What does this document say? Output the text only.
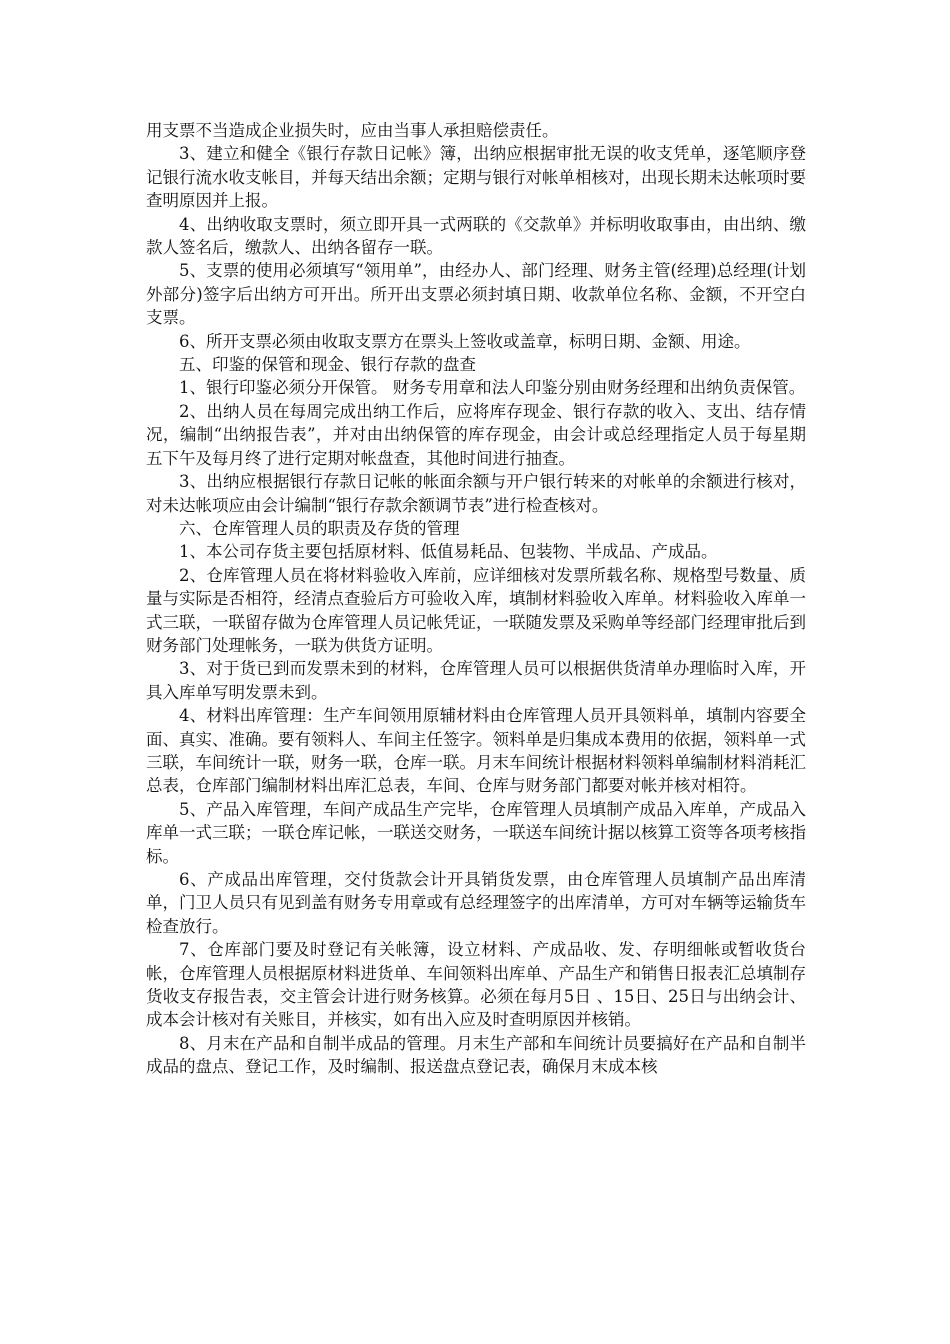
用支票不当造成企业损失时，应由当事人承担赔偿责任。

3、建立和健全《银行存款日记帐》簿，出纳应根据审批无误的收支凭单，逐笔顺序登记银行流水收支帐目，并每天结出余额；定期与银行对帐单相核对，出现长期未达帐项时要查明原因并上报。

4、出纳收取支票时，须立即开具一式两联的《交款单》并标明收取事由，由出纳、缴款人签名后，缴款人、出纳各留存一联。

5、支票的使用必须填写“领用单”，由经办人、部门经理、财务主管(经理)总经理(计划外部分)签字后出纳方可开出。所开出支票必须封填日期、收款单位名称、金额，不开空白支票。

6、所开支票必须由收取支票方在票头上签收或盖章，标明日期、金额、用途。

五、印鉴的保管和现金、银行存款的盘查

1、银行印鉴必须分开保管。 财务专用章和法人印鉴分别由财务经理和出纳负责保管。

2、出纳人员在每周完成出纳工作后，应将库存现金、银行存款的收入、支出、结存情况，编制“出纳报告表”，并对由出纳保管的库存现金，由会计或总经理指定人员于每星期五下午及每月终了进行定期对帐盘查，其他时间进行抽查。

3、出纳应根据银行存款日记帐的帐面余额与开户银行转来的对帐单的余额进行核对，对未达帐项应由会计编制“银行存款余额调节表”进行检查核对。

六、仓库管理人员的职责及存货的管理

1、本公司存货主要包括原材料、低值易耗品、包装物、半成品、产成品。

2、仓库管理人员在将材料验收入库前，应详细核对发票所载名称、规格型号数量、质量与实际是否相符，经清点查验后方可验收入库，填制材料验收入库单。材料验收入库单一式三联，一联留存做为仓库管理人员记帐凭证，一联随发票及采购单等经部门经理审批后到财务部门处理帐务，一联为供货方证明。

3、对于货已到而发票未到的材料，仓库管理人员可以根据供货清单办理临时入库，开具入库单写明发票未到。

4、材料出库管理：生产车间领用原辅材料由仓库管理人员开具领料单，填制内容要全面、真实、准确。要有领料人、车间主任签字。领料单是归集成本费用的依据，领料单一式三联，车间统计一联，财务一联，仓库一联。月末车间统计根据材料领料单编制材料消耗汇总表，仓库部门编制材料出库汇总表，车间、仓库与财务部门都要对帐并核对相符。

5、产品入库管理，车间产成品生产完毕，仓库管理人员填制产成品入库单，产成品入库单一式三联；一联仓库记帐，一联送交财务，一联送车间统计据以核算工资等各项考核指标。

6、产成品出库管理，交付货款会计开具销货发票，由仓库管理人员填制产品出库清单，门卫人员只有见到盖有财务专用章或有总经理签字的出库清单，方可对车辆等运输货车检查放行。

7、仓库部门要及时登记有关帐簿，设立材料、产成品收、发、存明细帐或暂收货台帐，仓库管理人员根据原材料进货单、车间领料出库单、产品生产和销售日报表汇总填制存货收支存报告表，交主管会计进行财务核算。必须在每月5日 、15日、25日与出纳会计、成本会计核对有关账目，并核实，如有出入应及时查明原因并核销。

8、月末在产品和自制半成品的管理。月末生产部和车间统计员要搞好在产品和自制半成品的盘点、登记工作，及时编制、报送盘点登记表，确保月末成本核
